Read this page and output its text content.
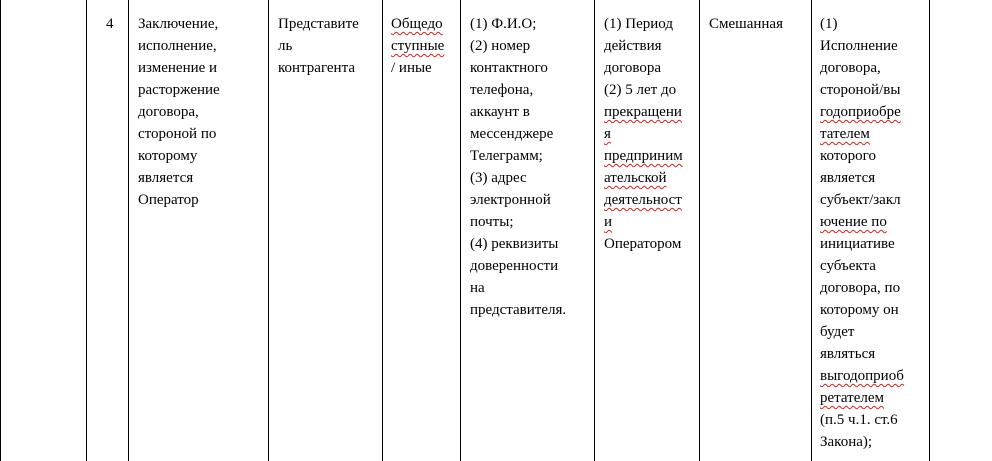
4 Заключение,
исполнение,
изменение и
расторжение
договора,
стороной по
которому
является
Оператор
Представите
ль
контрагента
Общедо
ступные
/ иные
(1) Ф.И.О;
(2) номер
контактного
телефона,
аккаунт в
мессенджере
Телеграмм;
(3) адрес
электронной
почты;
(4) реквизиты
доверенности
на
представителя.
(1) Период
действия
договора
(2) 5 лет до
прекращени
я
предприним
ательской
деятельност
и
Оператором
Смешанная (1)
Исполнение
договора,
стороной/вы
годоприобре
тателем
которого
является
субъект/закл
ючение по
инициативе
субъекта
договора, по
которому он
будет
являться
выгодоприоб
ретателем
(п.5 ч.1. ст.6
Закона);
